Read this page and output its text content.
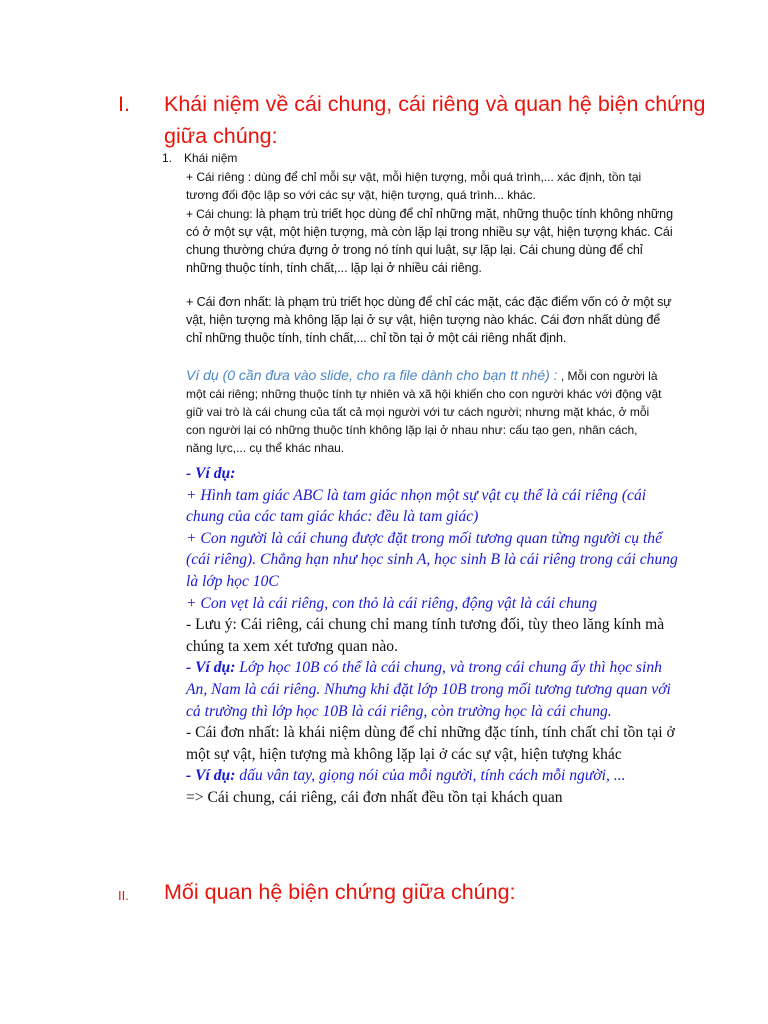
I. Khái niệm về cái chung, cái riêng và quan hệ biện chứng giữa chúng:
1. Khái niệm

+ Cái riêng : dùng để chỉ mỗi sự vật, mỗi hiện tượng, mỗi quá trình,... xác định, tồn tại tương đối độc lập so với các sự vật, hiện tượng, quá trình... khác.

+ Cái chung: là phạm trù triết học dùng để chỉ những mặt, những thuộc tính không những có ở một sự vật, một hiện tượng, mà còn lặp lại trong nhiều sự vật, hiện tượng khác. Cái chung thường chứa đựng ở trong nó tính qui luật, sự lặp lại. Cái chung dùng để chỉ những thuộc tính, tính chất,... lặp lại ở nhiều cái riêng.

+ Cái đơn nhất: là phạm trù triết học dùng để chỉ các mặt, các đặc điểm vốn có ở một sự vật, hiện tượng mà không lặp lại ở sự vật, hiện tượng nào khác. Cái đơn nhất dùng để chỉ những thuộc tính, tính chất,... chỉ tồn tại ở một cái riêng nhất định.

Ví dụ (0 cần đưa vào slide, cho ra file dành cho bạn tt nhé) : , Mỗi con người là một cái riêng; những thuộc tính tự nhiên và xã hội khiến cho con người khác với động vật giữ vai trò là cái chung của tất cả mọi người với tư cách người; nhưng mặt khác, ở mỗi con người lại có những thuộc tính không lặp lại ở nhau như: cấu tạo gen, nhân cách, năng lực,... cụ thể khác nhau.

- Ví dụ:

+ Hình tam giác ABC là tam giác nhọn một sự vật cụ thể là cái riêng (cái chung của các tam giác khác: đều là tam giác)

+ Con người là cái chung được đặt trong mối tương quan từng người cụ thể (cái riêng). Chẳng hạn như học sinh A, học sinh B là cái riêng trong cái chung là lớp học 10C

+ Con vẹt là cái riêng, con thỏ là cái riêng, động vật là cái chung

- Lưu ý: Cái riêng, cái chung chỉ mang tính tương đối, tùy theo lăng kính mà chúng ta xem xét tương quan nào.

- Ví dụ: Lớp học 10B có thể là cái chung, và trong cái chung ấy thì học sinh An, Nam là cái riêng. Nhưng khi đặt lớp 10B trong mối tương tương quan với cả trường thì lớp học 10B là cái riêng, còn trường học là cái chung.

- Cái đơn nhất: là khái niệm dùng để chỉ những đặc tính, tính chất chỉ tồn tại ở một sự vật, hiện tượng mà không lặp lại ở các sự vật, hiện tượng khác

- Ví dụ: dấu vân tay, giọng nói của mỗi người, tính cách mỗi người, ...

=> Cái chung, cái riêng, cái đơn nhất đều tồn tại khách quan

II. Mối quan hệ biện chứng giữa chúng:
